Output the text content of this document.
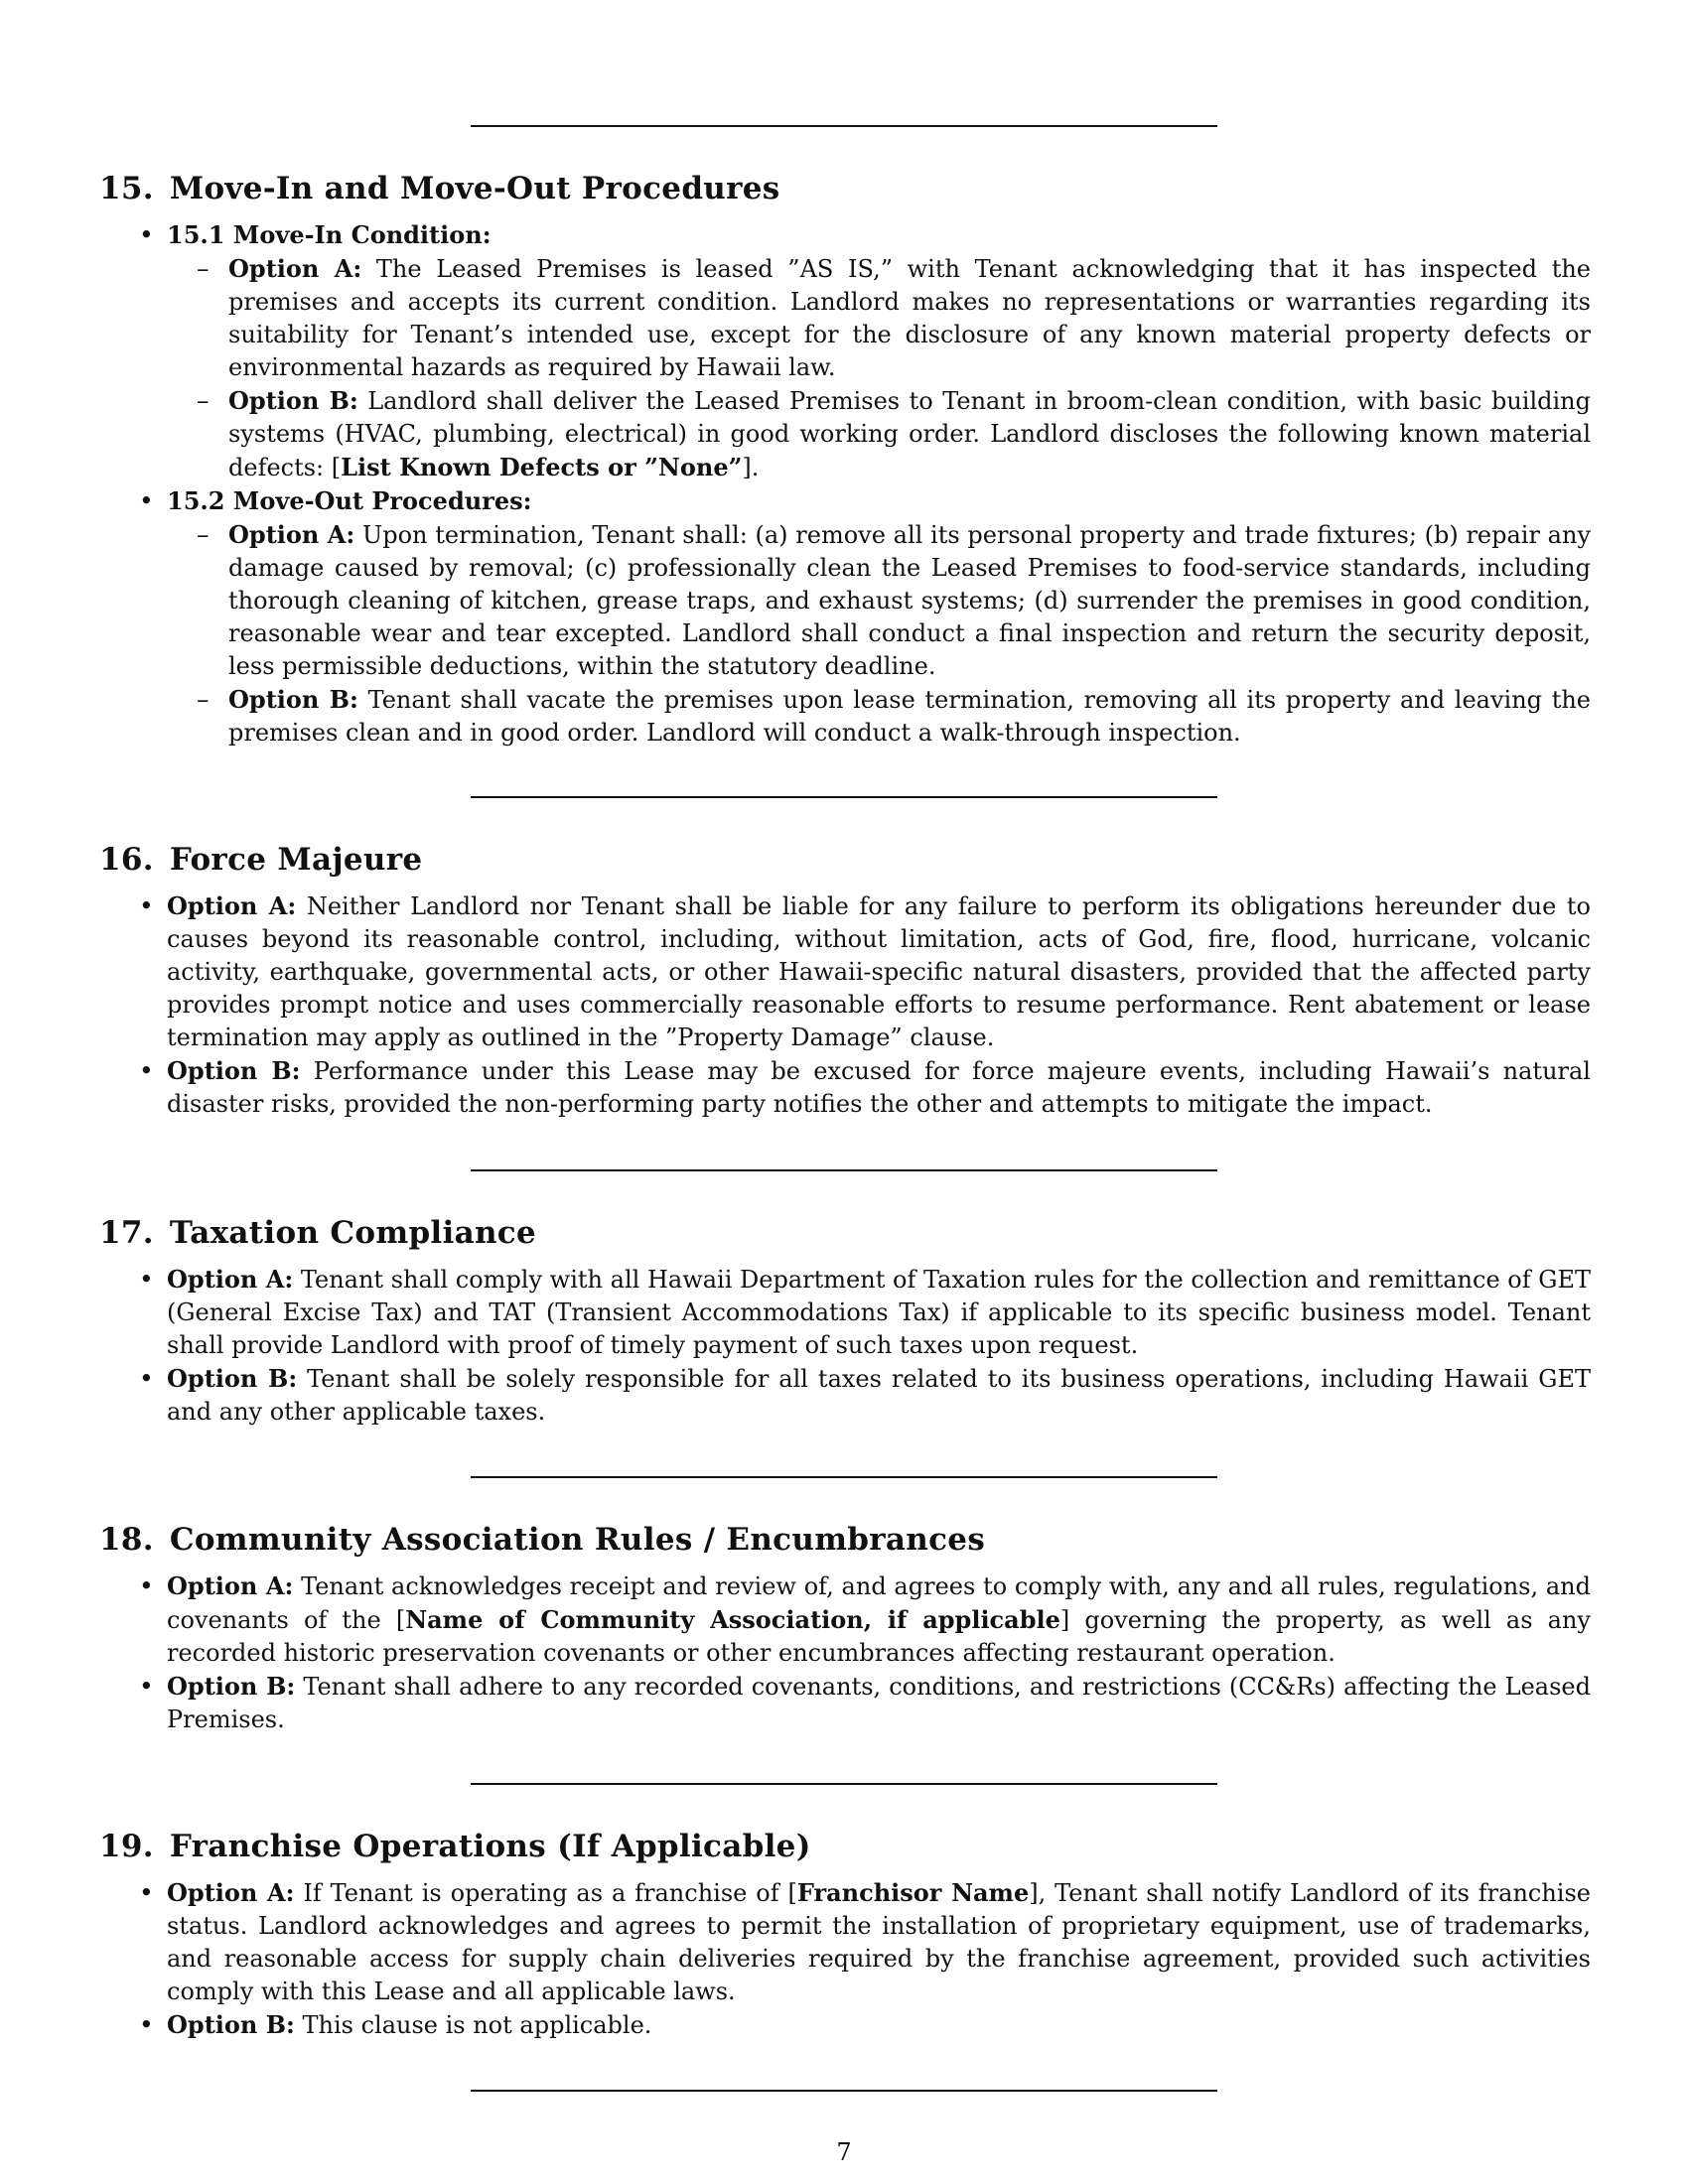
15. Move-In and Move-Out Procedures

• 15.1 Move-In Condition:

– Option A: The Leased Premises is leased ”AS IS,” with Tenant acknowledging that it has inspected the premises and accepts its current condition. Landlord makes no representations or warranties regarding its suitability for Tenant’s intended use, except for the disclosure of any known material property defects or environmental hazards as required by Hawaii law.

– Option B: Landlord shall deliver the Leased Premises to Tenant in broom-clean condition, with basic building systems (HVAC, plumbing, electrical) in good working order. Landlord discloses the following known material defects: [List Known Defects or ”None”].

• 15.2 Move-Out Procedures:

– Option A: Upon termination, Tenant shall: (a) remove all its personal property and trade fixtures; (b) repair any damage caused by removal; (c) professionally clean the Leased Premises to food-service standards, including thorough cleaning of kitchen, grease traps, and exhaust systems; (d) surrender the premises in good condition, reasonable wear and tear excepted. Landlord shall conduct a final inspection and return the security deposit, less permissible deductions, within the statutory deadline.

– Option B: Tenant shall vacate the premises upon lease termination, removing all its property and leaving the premises clean and in good order. Landlord will conduct a walk-through inspection.

16. Force Majeure

• Option A: Neither Landlord nor Tenant shall be liable for any failure to perform its obligations hereunder due to causes beyond its reasonable control, including, without limitation, acts of God, fire, flood, hurricane, volcanic activity, earthquake, governmental acts, or other Hawaii-specific natural disasters, provided that the affected party provides prompt notice and uses commercially reasonable efforts to resume performance. Rent abatement or lease termination may apply as outlined in the ”Property Damage” clause.

• Option B: Performance under this Lease may be excused for force majeure events, including Hawaii’s natural disaster risks, provided the non-performing party notifies the other and attempts to mitigate the impact.

17. Taxation Compliance

• Option A: Tenant shall comply with all Hawaii Department of Taxation rules for the collection and remittance of GET (General Excise Tax) and TAT (Transient Accommodations Tax) if applicable to its specific business model. Tenant shall provide Landlord with proof of timely payment of such taxes upon request.

• Option B: Tenant shall be solely responsible for all taxes related to its business operations, including Hawaii GET and any other applicable taxes.

18. Community Association Rules / Encumbrances

• Option A: Tenant acknowledges receipt and review of, and agrees to comply with, any and all rules, regulations, and covenants of the [Name of Community Association, if applicable] governing the property, as well as any recorded historic preservation covenants or other encumbrances affecting restaurant operation.

• Option B: Tenant shall adhere to any recorded covenants, conditions, and restrictions (CC&Rs) affecting the Leased Premises.

19. Franchise Operations (If Applicable)

• Option A: If Tenant is operating as a franchise of [Franchisor Name], Tenant shall notify Landlord of its franchise status. Landlord acknowledges and agrees to permit the installation of proprietary equipment, use of trademarks, and reasonable access for supply chain deliveries required by the franchise agreement, provided such activities comply with this Lease and all applicable laws.

• Option B: This clause is not applicable.

7
